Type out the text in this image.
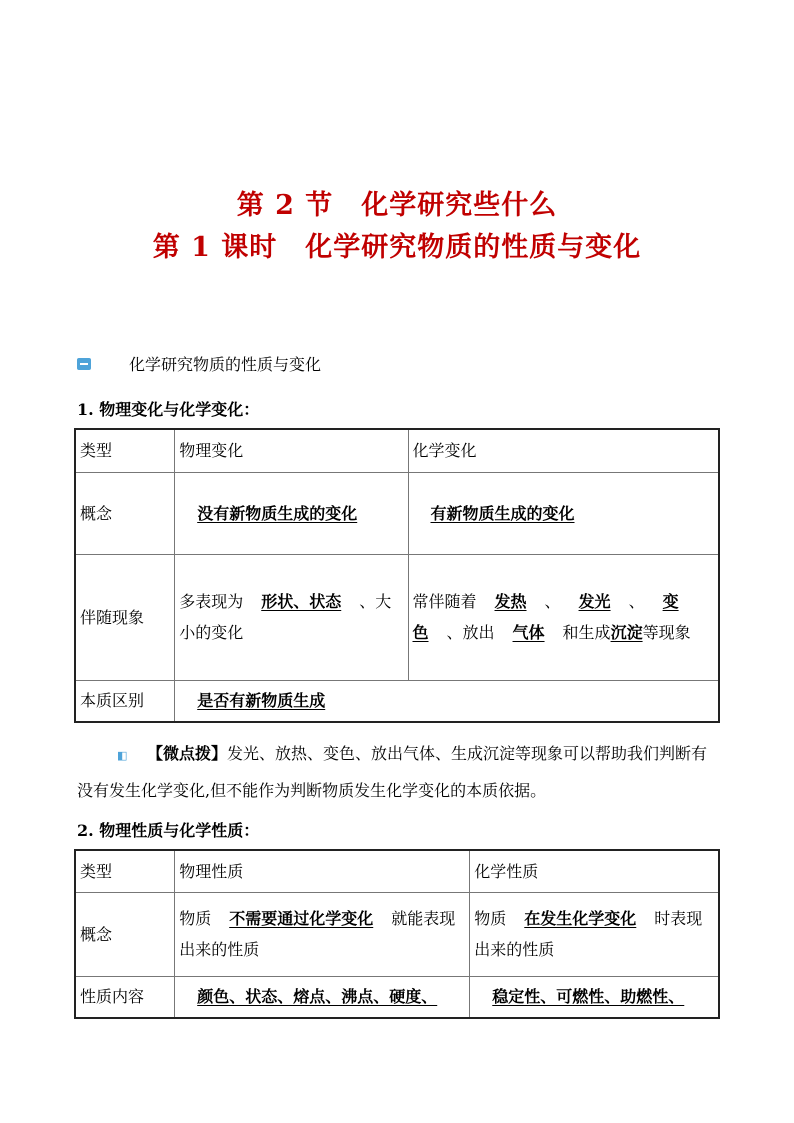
第 2 节　化学研究些什么
第 1 课时　化学研究物质的性质与变化
化学研究物质的性质与变化
1. 物理变化与化学变化：
类型	物理变化	化学变化
概念	没有新物质生成的变化	有新物质生成的变化
伴随现象	多表现为 形状、状态 、大小的变化	常伴随着 发热 、 发光 、 变色 、放出 气体 和生成沉淀等现象
本质区别	是否有新物质生成	
◧ 【微点拨】发光、放热、变色、放出气体、生成沉淀等现象可以帮助我们判断有没有发生化学变化,但不能作为判断物质发生化学变化的本质依据。
2. 物理性质与化学性质：
类型	物理性质	化学性质
概念	物质 不需要通过化学变化 就能表现出来的性质	物质 在发生化学变化 时表现出来的性质
性质内容	颜色、状态、熔点、沸点、硬度、	稳定性、可燃性、助燃性、
